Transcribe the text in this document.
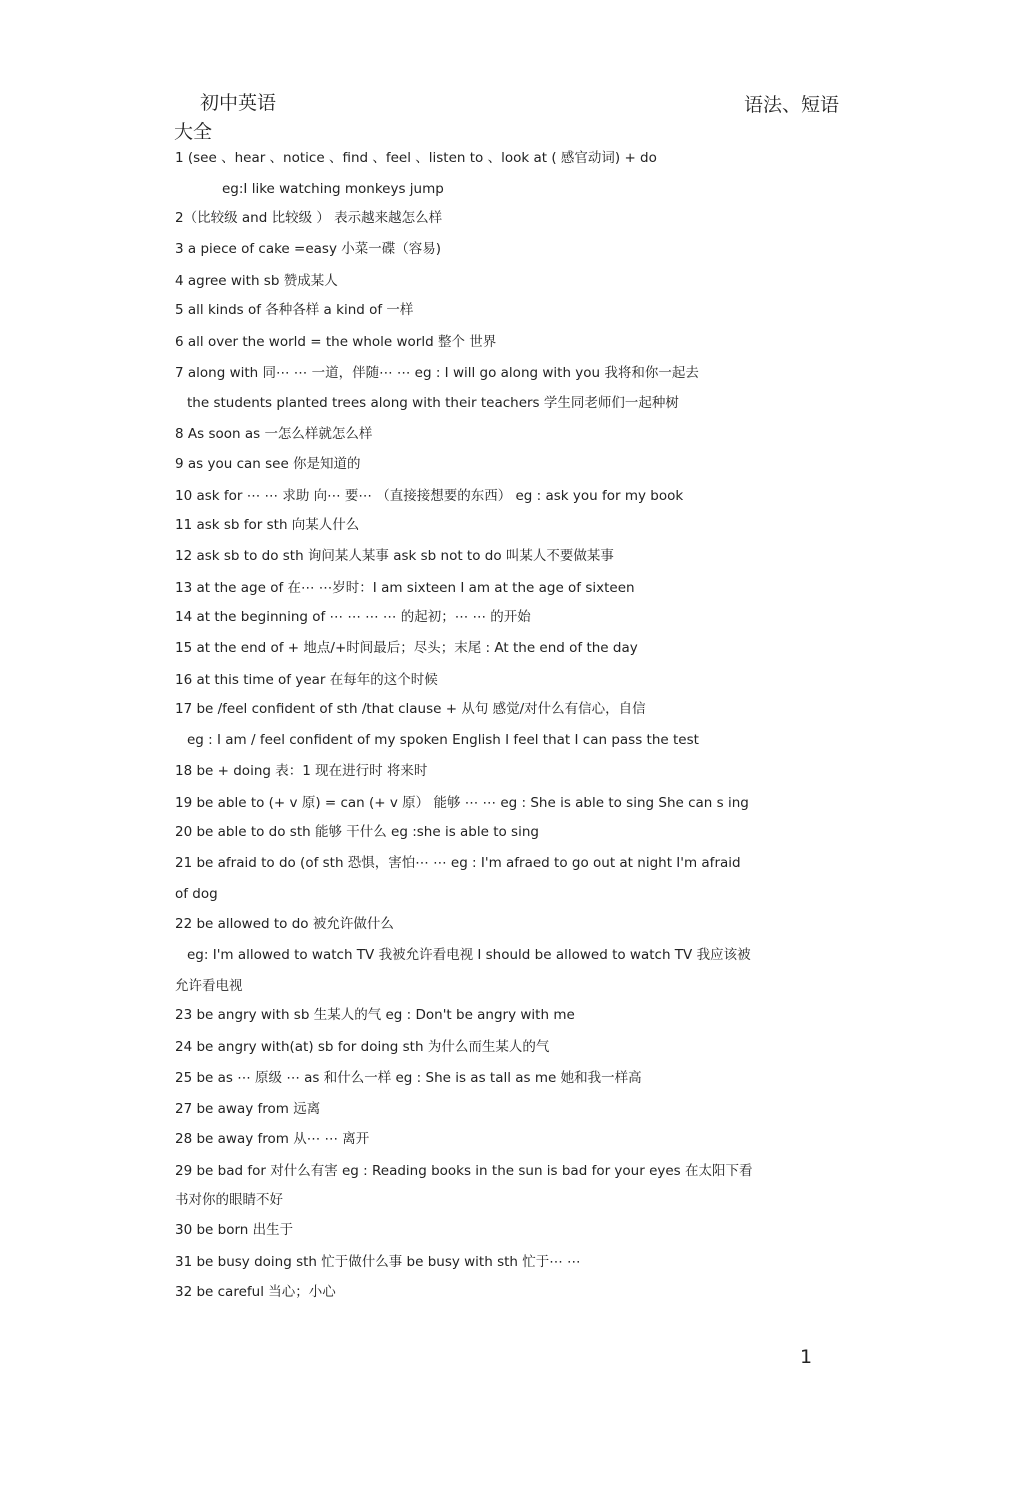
初中英语	语法、短语
大全
1 (see 、hear 、notice 、find 、feel 、listen to 、look at ( 感官动词) + do
eg:I like watching monkeys jump
2（比较级 and 比较级 ） 表示越来越怎么样
3 a piece of cake =easy 小菜一碟（容易)
4 agree with sb 赞成某人
5 all kinds of 各种各样 a kind of 一样
6 all over the world = the whole world 整个 世界
7 along with 同⋯ ⋯ 一道，伴随⋯ ⋯ eg : I will go along with you 我将和你一起去
the students planted trees along with their teachers 学生同老师们一起种树
8 As soon as 一怎么样就怎么样
9 as you can see 你是知道的
10 ask for ⋯ ⋯ 求助 向⋯ 要⋯ （直接接想要的东西） eg : ask you for my book
11 ask sb for sth 向某人什么
12 ask sb to do sth 询问某人某事 ask sb not to do 叫某人不要做某事
13 at the age of 在⋯ ⋯岁时：I am sixteen I am at the age of sixteen
14 at the beginning of ⋯ ⋯ ⋯ ⋯ 的起初；⋯ ⋯ 的开始
15 at the end of + 地点/+时间最后；尽头；末尾 : At the end of the day
16 at this time of year 在每年的这个时候
17 be /feel confident of sth /that clause + 从句 感觉/对什么有信心，自信
eg : I am / feel confident of my spoken English I feel that I can pass the test
18 be + doing 表：1 现在进行时 将来时
19 be able to (+ v 原) = can (+ v 原） 能够 ⋯ ⋯ eg : She is able to sing She can s ing
20 be able to do sth 能够 干什么 eg :she is able to sing
21 be afraid to do (of sth 恐惧，害怕⋯ ⋯ eg : I'm afraed to go out at night I'm afraid
of dog
22 be allowed to do 被允许做什么
eg: I'm allowed to watch TV 我被允许看电视 I should be allowed to watch TV 我应该被
允许看电视
23 be angry with sb 生某人的气 eg : Don't be angry with me
24 be angry with(at) sb for doing sth 为什么而生某人的气
25 be as ⋯ 原级 ⋯ as 和什么一样 eg : She is as tall as me 她和我一样高
27 be away from 远离
28 be away from 从⋯ ⋯ 离开
29 be bad for 对什么有害 eg : Reading books in the sun is bad for your eyes 在太阳下看
书对你的眼睛不好
30 be born 出生于
31 be busy doing sth 忙于做什么事 be busy with sth 忙于⋯ ⋯
32 be careful 当心；小心
1
